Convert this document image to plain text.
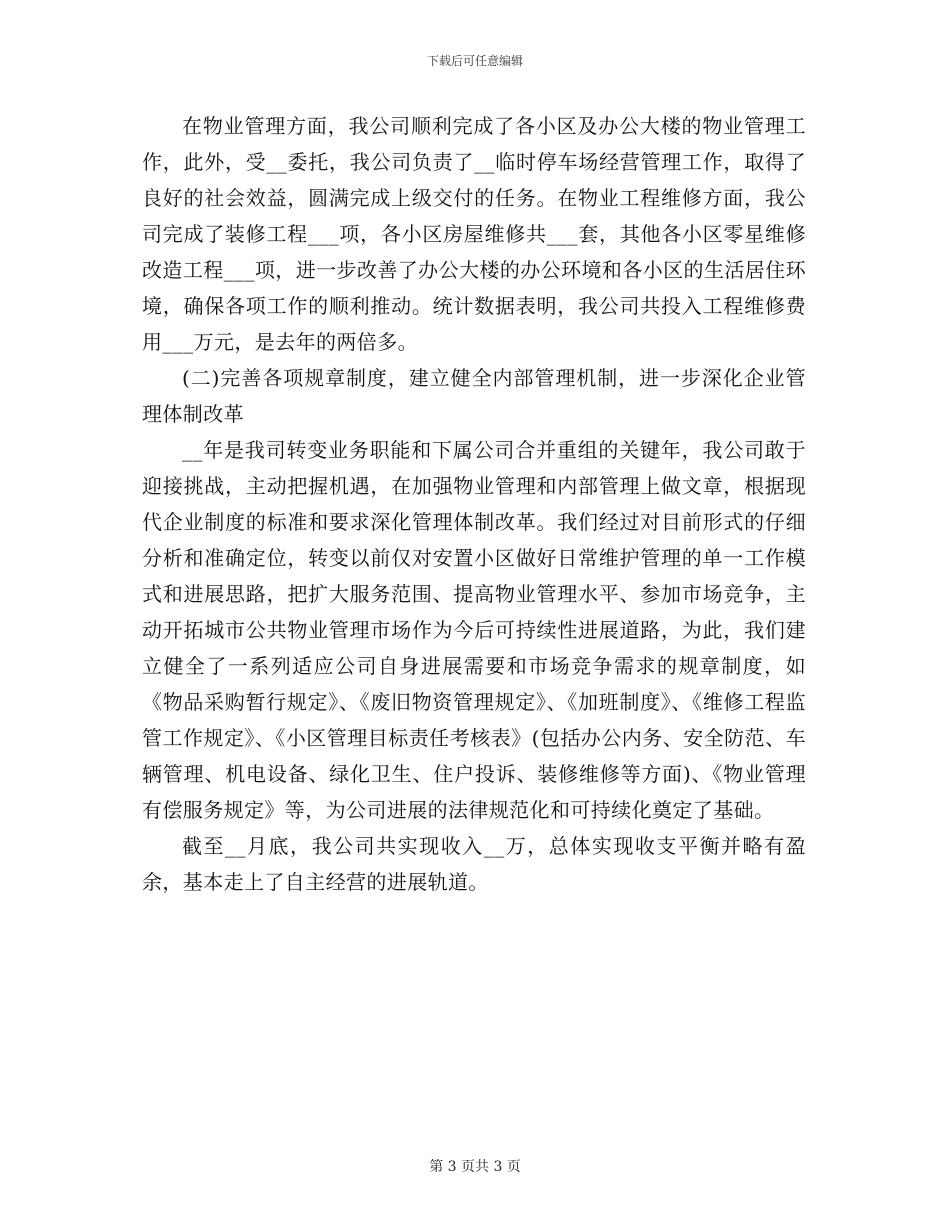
下载后可任意编辑

在物业管理方面，我公司顺利完成了各小区及办公大楼的物业管理工作，此外，受__委托，我公司负责了__临时停车场经营管理工作，取得了良好的社会效益，圆满完成上级交付的任务。在物业工程维修方面，我公司完成了装修工程___项，各小区房屋维修共___套，其他各小区零星维修改造工程___项，进一步改善了办公大楼的办公环境和各小区的生活居住环境，确保各项工作的顺利推动。统计数据表明，我公司共投入工程维修费用___万元，是去年的两倍多。

(二)完善各项规章制度，建立健全内部管理机制，进一步深化企业管理体制改革

__年是我司转变业务职能和下属公司合并重组的关键年，我公司敢于迎接挑战，主动把握机遇，在加强物业管理和内部管理上做文章，根据现代企业制度的标准和要求深化管理体制改革。我们经过对目前形式的仔细分析和准确定位，转变以前仅对安置小区做好日常维护管理的单一工作模式和进展思路，把扩大服务范围、提高物业管理水平、参加市场竞争，主动开拓城市公共物业管理市场作为今后可持续性进展道路，为此，我们建立健全了一系列适应公司自身进展需要和市场竞争需求的规章制度，如《物品采购暂行规定》、《废旧物资管理规定》、《加班制度》、《维修工程监管工作规定》、《小区管理目标责任考核表》(包括办公内务、安全防范、车辆管理、机电设备、绿化卫生、住户投诉、装修维修等方面)、《物业管理有偿服务规定》等，为公司进展的法律规范化和可持续化奠定了基础。

截至__月底，我公司共实现收入__万，总体实现收支平衡并略有盈余，基本走上了自主经营的进展轨道。

第 3 页共 3 页
